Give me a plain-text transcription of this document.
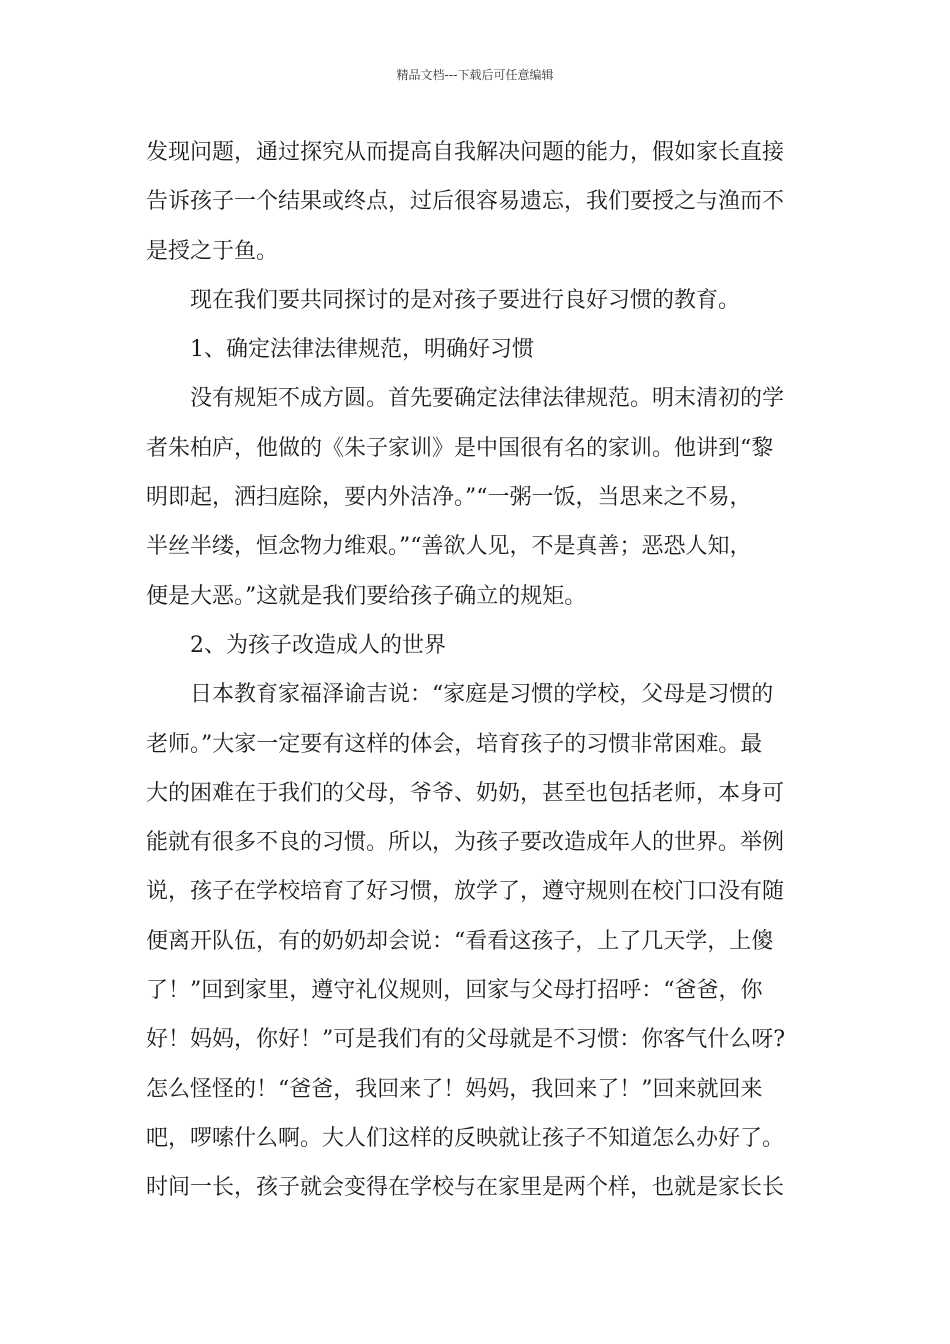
精品文档---下载后可任意编辑
发现问题，通过探究从而提高自我解决问题的能力，假如家长直接
告诉孩子一个结果或终点，过后很容易遗忘，我们要授之与渔而不
是授之于鱼。
　　现在我们要共同探讨的是对孩子要进行良好习惯的教育。
　　1、确定法律法律规范，明确好习惯
　　没有规矩不成方圆。首先要确定法律法律规范。明末清初的学
者朱柏庐，他做的《朱子家训》是中国很有名的家训。他讲到“黎
明即起，洒扫庭除，要内外洁净。”“一粥一饭，当思来之不易，
半丝半缕，恒念物力维艰。”“善欲人见，不是真善；恶恐人知，
便是大恶。”这就是我们要给孩子确立的规矩。
　　2、为孩子改造成人的世界
　　日本教育家福泽谕吉说：“家庭是习惯的学校，父母是习惯的
老师。”大家一定要有这样的体会，培育孩子的习惯非常困难。最
大的困难在于我们的父母，爷爷、奶奶，甚至也包括老师，本身可
能就有很多不良的习惯。所以，为孩子要改造成年人的世界。举例
说，孩子在学校培育了好习惯，放学了，遵守规则在校门口没有随
便离开队伍，有的奶奶却会说：“看看这孩子，上了几天学，上傻
了！”回到家里，遵守礼仪规则，回家与父母打招呼：“爸爸，你
好！妈妈，你好！”可是我们有的父母就是不习惯：你客气什么呀?
怎么怪怪的！“爸爸，我回来了！妈妈，我回来了！”回来就回来
吧，啰嗦什么啊。大人们这样的反映就让孩子不知道怎么办好了。
时间一长，孩子就会变得在学校与在家里是两个样，也就是家长长
